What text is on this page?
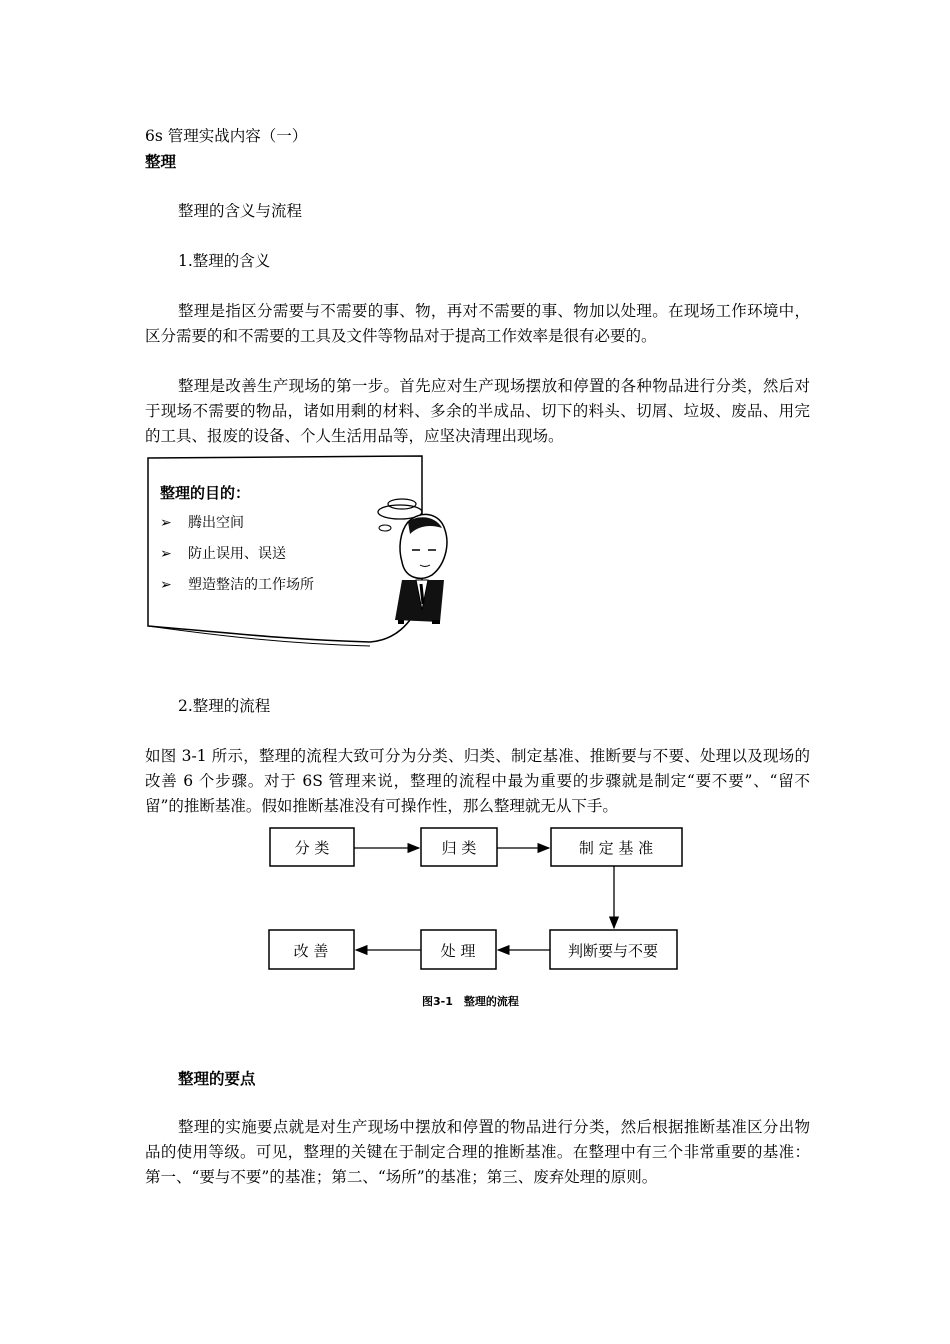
6s 管理实战内容（一）
整理
整理的含义与流程
1.整理的含义
整理是指区分需要与不需要的事、物，再对不需要的事、物加以处理。在现场工作环境中，区分需要的和不需要的工具及文件等物品对于提高工作效率是很有必要的。
整理是改善生产现场的第一步。首先应对生产现场摆放和停置的各种物品进行分类，然后对于现场不需要的物品，诸如用剩的材料、多余的半成品、切下的料头、切屑、垃圾、废品、用完的工具、报废的设备、个人生活用品等，应坚决清理出现场。
整理的目的：
➢ 腾出空间
➢ 防止误用、误送
➢ 塑造整洁的工作场所
2.整理的流程
如图 3-1 所示，整理的流程大致可分为分类、归类、制定基准、推断要与不要、处理以及现场的改善 6 个步骤。对于 6S 管理来说，整理的流程中最为重要的步骤就是制定“要不要”、“留不留”的推断基准。假如推断基准没有可操作性，那么整理就无从下手。
分 类	归 类	制 定 基 准
判断要与不要
处 理
改 善
图3-1　整理的流程
整理的要点
整理的实施要点就是对生产现场中摆放和停置的物品进行分类，然后根据推断基准区分出物品的使用等级。可见，整理的关键在于制定合理的推断基准。在整理中有三个非常重要的基准：第一、“要与不要”的基准；第二、“场所”的基准；第三、废弃处理的原则。
